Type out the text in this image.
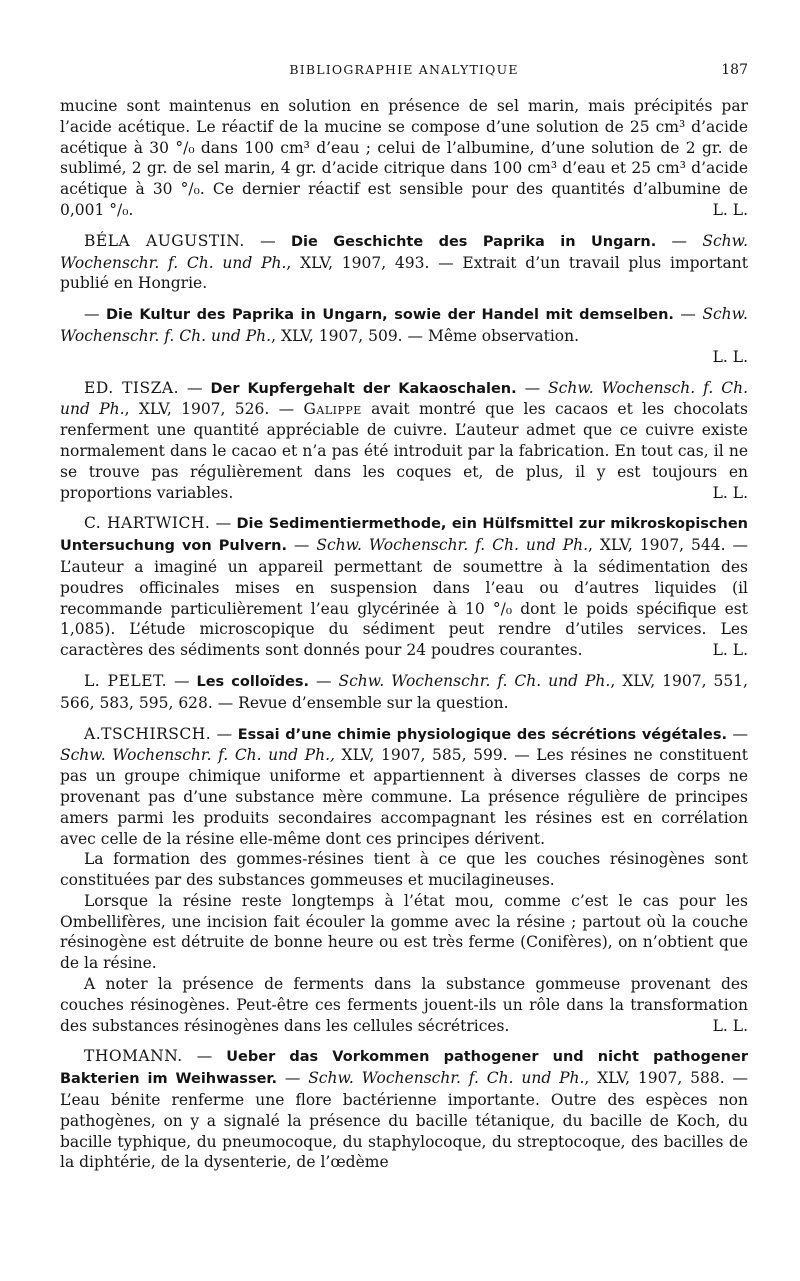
BIBLIOGRAPHIE ANALYTIQUE	187

mucine sont maintenus en solution en présence de sel marin, mais précipités par l’acide acétique. Le réactif de la mucine se compose d’une solution de 25 cm³ d’acide acétique à 30 °/₀ dans 100 cm³ d’eau ; celui de l’albumine, d’une solution de 2 gr. de sublimé, 2 gr. de sel marin, 4 gr. d’acide citrique dans 100 cm³ d’eau et 25 cm³ d’acide acétique à 30 °/₀. Ce dernier réactif est sensible pour des quantités d’albumine de 0,001 °/₀.	L. L.

BÉLA AUGUSTIN. — Die Geschichte des Paprika in Ungarn. — Schw. Wochenschr. f. Ch. und Ph., XLV, 1907, 493. — Extrait d’un travail plus important publié en Hongrie.

— Die Kultur des Paprika in Ungarn, sowie der Handel mit demselben. — Schw. Wochenschr. f. Ch. und Ph., XLV, 1907, 509. — Même observation.

L. L.

ED. TISZA. — Der Kupfergehalt der Kakaoschalen. — Schw. Wochensch. f. Ch. und Ph., XLV, 1907, 526. — Galippe avait montré que les cacaos et les chocolats renferment une quantité appréciable de cuivre. L’auteur admet que ce cuivre existe normalement dans le cacao et n’a pas été introduit par la fabrication. En tout cas, il ne se trouve pas régulièrement dans les coques et, de plus, il y est toujours en proportions variables.	L. L.

C. HARTWICH. — Die Sedimentiermethode, ein Hülfsmittel zur mikroskopischen Untersuchung von Pulvern. — Schw. Wochenschr. f. Ch. und Ph., XLV, 1907, 544. — L’auteur a imaginé un appareil permettant de soumettre à la sédimentation des poudres officinales mises en suspension dans l’eau ou d’autres liquides (il recommande particulièrement l’eau glycérinée à 10 °/₀ dont le poids spécifique est 1,085). L’étude microscopique du sédiment peut rendre d’utiles services. Les caractères des sédiments sont donnés pour 24 poudres courantes.	L. L.

L. PELET. — Les colloïdes. — Schw. Wochenschr. f. Ch. und Ph., XLV, 1907, 551, 566, 583, 595, 628. — Revue d’ensemble sur la question.

A.TSCHIRSCH. — Essai d’une chimie physiologique des sécrétions végétales. — Schw. Wochenschr. f. Ch. und Ph., XLV, 1907, 585, 599. — Les résines ne constituent pas un groupe chimique uniforme et appartiennent à diverses classes de corps ne provenant pas d’une substance mère commune. La présence régulière de principes amers parmi les produits secondaires accompagnant les résines est en corrélation avec celle de la résine elle-même dont ces principes dérivent.

La formation des gommes-résines tient à ce que les couches résinogènes sont constituées par des substances gommeuses et mucilagineuses.

Lorsque la résine reste longtemps à l’état mou, comme c’est le cas pour les Ombellifères, une incision fait écouler la gomme avec la résine ; partout où la couche résinogène est détruite de bonne heure ou est très ferme (Conifères), on n’obtient que de la résine.

A noter la présence de ferments dans la substance gommeuse provenant des couches résinogènes. Peut-être ces ferments jouent-ils un rôle dans la transformation des substances résinogènes dans les cellules sécrétrices.	L. L.

THOMANN. — Ueber das Vorkommen pathogener und nicht pathogener Bakterien im Weihwasser. — Schw. Wochenschr. f. Ch. und Ph., XLV, 1907, 588. — L’eau bénite renferme une flore bactérienne importante. Outre des espèces non pathogènes, on y a signalé la présence du bacille tétanique, du bacille de Koch, du bacille typhique, du pneumocoque, du staphylocoque, du streptocoque, des bacilles de la diphtérie, de la dysenterie, de l’œdème
